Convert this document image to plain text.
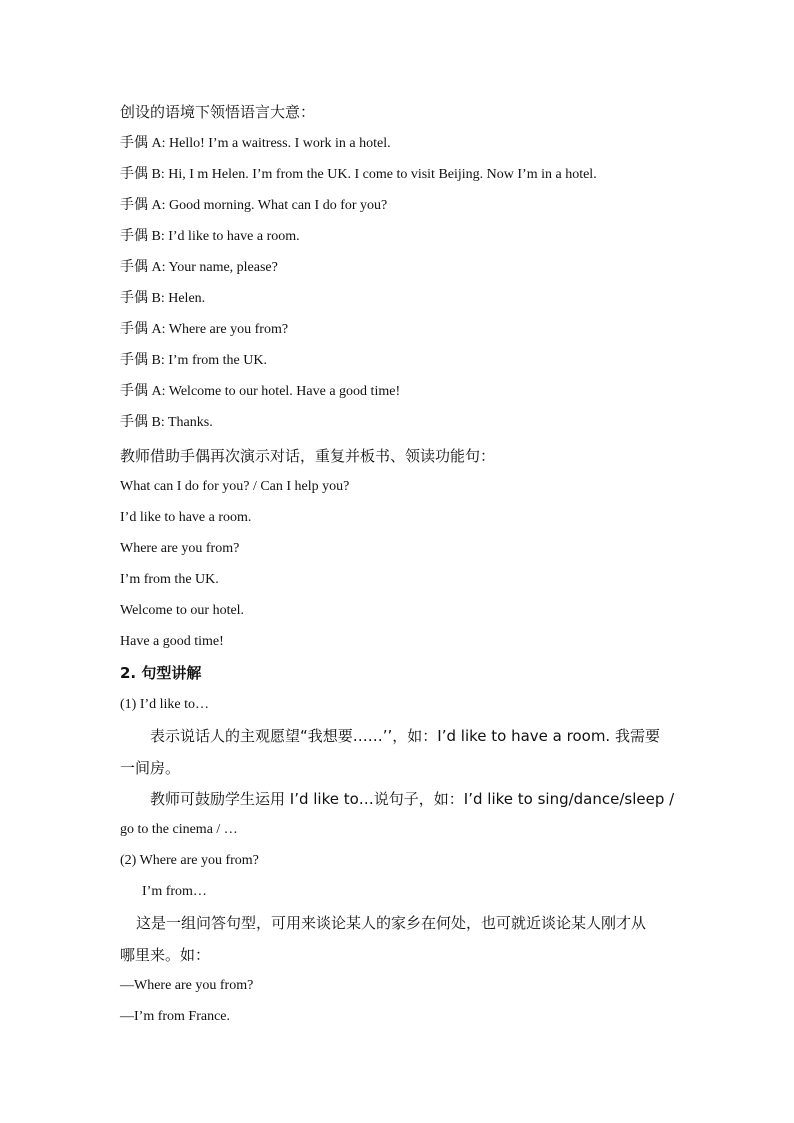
创设的语境下领悟语言大意：
手偶 A: Hello! I’m a waitress. I work in a hotel.
手偶 B: Hi, I m Helen. I’m from the UK. I come to visit Beijing. Now I’m in a hotel.
手偶 A: Good morning. What can I do for you?
手偶 B: I’d like to have a room.
手偶 A: Your name, please?
手偶 B: Helen.
手偶 A: Where are you from?
手偶 B: I’m from the UK.
手偶 A: Welcome to our hotel. Have a good time!
手偶 B: Thanks.
教师借助手偶再次演示对话，重复并板书、领读功能句：
What can I do for you? / Can I help you?
I’d like to have a room.
Where are you from?
I’m from the UK.
Welcome to our hotel.
Have a good time!
2. 句型讲解
(1) I’d like to…
表示说话人的主观愿望“我想要……’’，如：I’d like to have a room. 我需要
一间房。
教师可鼓励学生运用 I’d like to…说句子，如：I’d like to sing/dance/sleep /
go to the cinema / …
(2) Where are you from?
I’m from…
这是一组问答句型，可用来谈论某人的家乡在何处，也可就近谈论某人刚才从
哪里来。如：
—Where are you from?
—I’m from France.
